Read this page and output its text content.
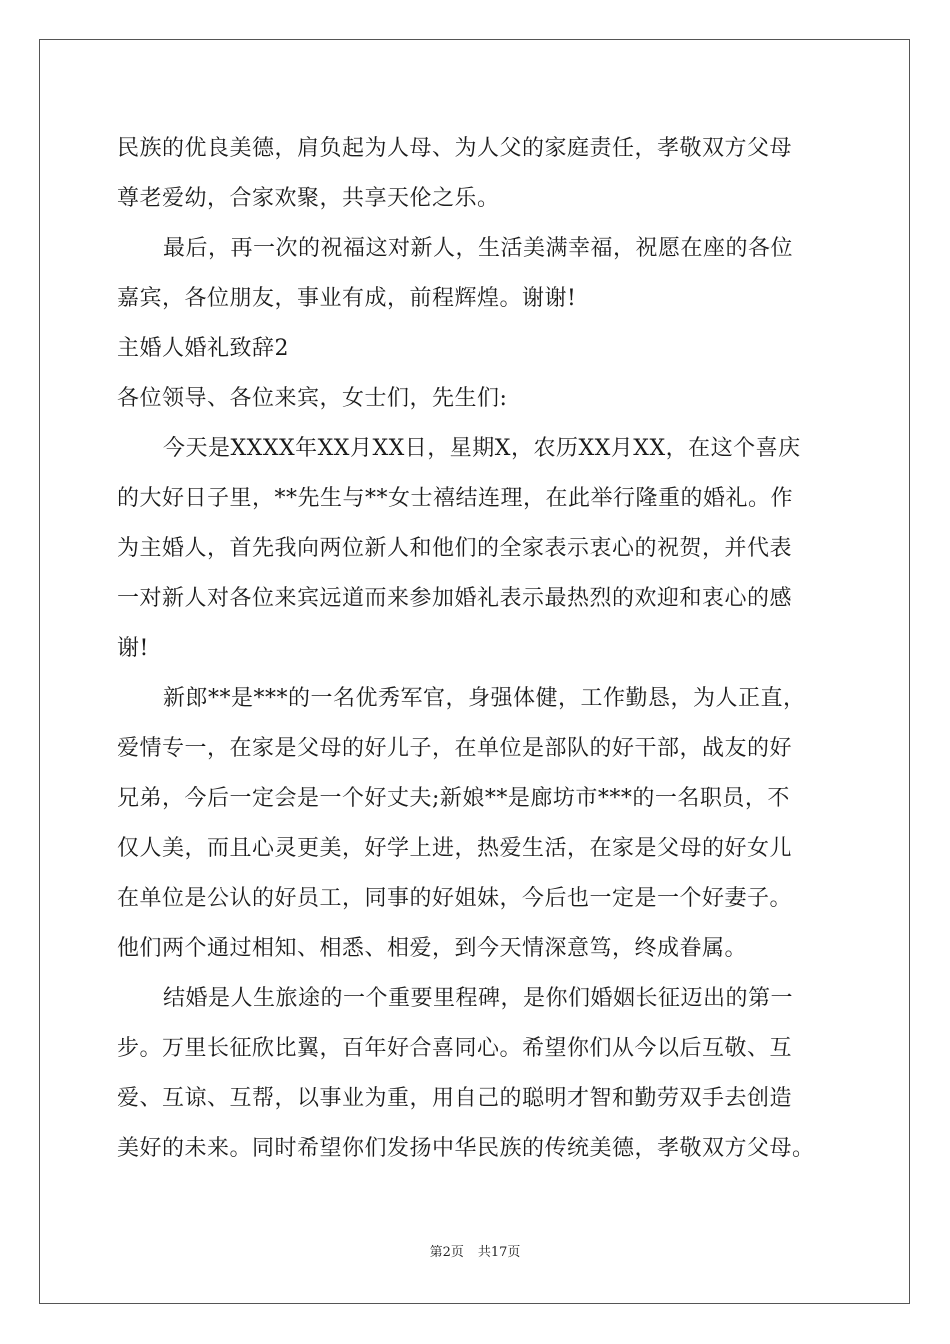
民族的优良美德，肩负起为人母、为人父的家庭责任，孝敬双方父母
尊老爱幼，合家欢聚，共享天伦之乐。
最后，再一次的祝福这对新人，生活美满幸福，祝愿在座的各位
嘉宾，各位朋友，事业有成，前程辉煌。谢谢!
主婚人婚礼致辞2
各位领导、各位来宾，女士们，先生们:
今天是XXXX年XX月XX日，星期X，农历XX月XX，在这个喜庆
的大好日子里，**先生与**女士禧结连理，在此举行隆重的婚礼。作
为主婚人，首先我向两位新人和他们的全家表示衷心的祝贺，并代表
一对新人对各位来宾远道而来参加婚礼表示最热烈的欢迎和衷心的感
谢!
新郎**是***的一名优秀军官，身强体健，工作勤恳，为人正直，
爱情专一，在家是父母的好儿子，在单位是部队的好干部，战友的好
兄弟，今后一定会是一个好丈夫;新娘**是廊坊市***的一名职员，不
仅人美，而且心灵更美，好学上进，热爱生活，在家是父母的好女儿
在单位是公认的好员工，同事的好姐妹，今后也一定是一个好妻子。
他们两个通过相知、相悉、相爱，到今天情深意笃，终成眷属。
结婚是人生旅途的一个重要里程碑，是你们婚姻长征迈出的第一
步。万里长征欣比翼，百年好合喜同心。希望你们从今以后互敬、互
爱、互谅、互帮，以事业为重，用自己的聪明才智和勤劳双手去创造
美好的未来。同时希望你们发扬中华民族的传统美德，孝敬双方父母。
第2页 共17页
